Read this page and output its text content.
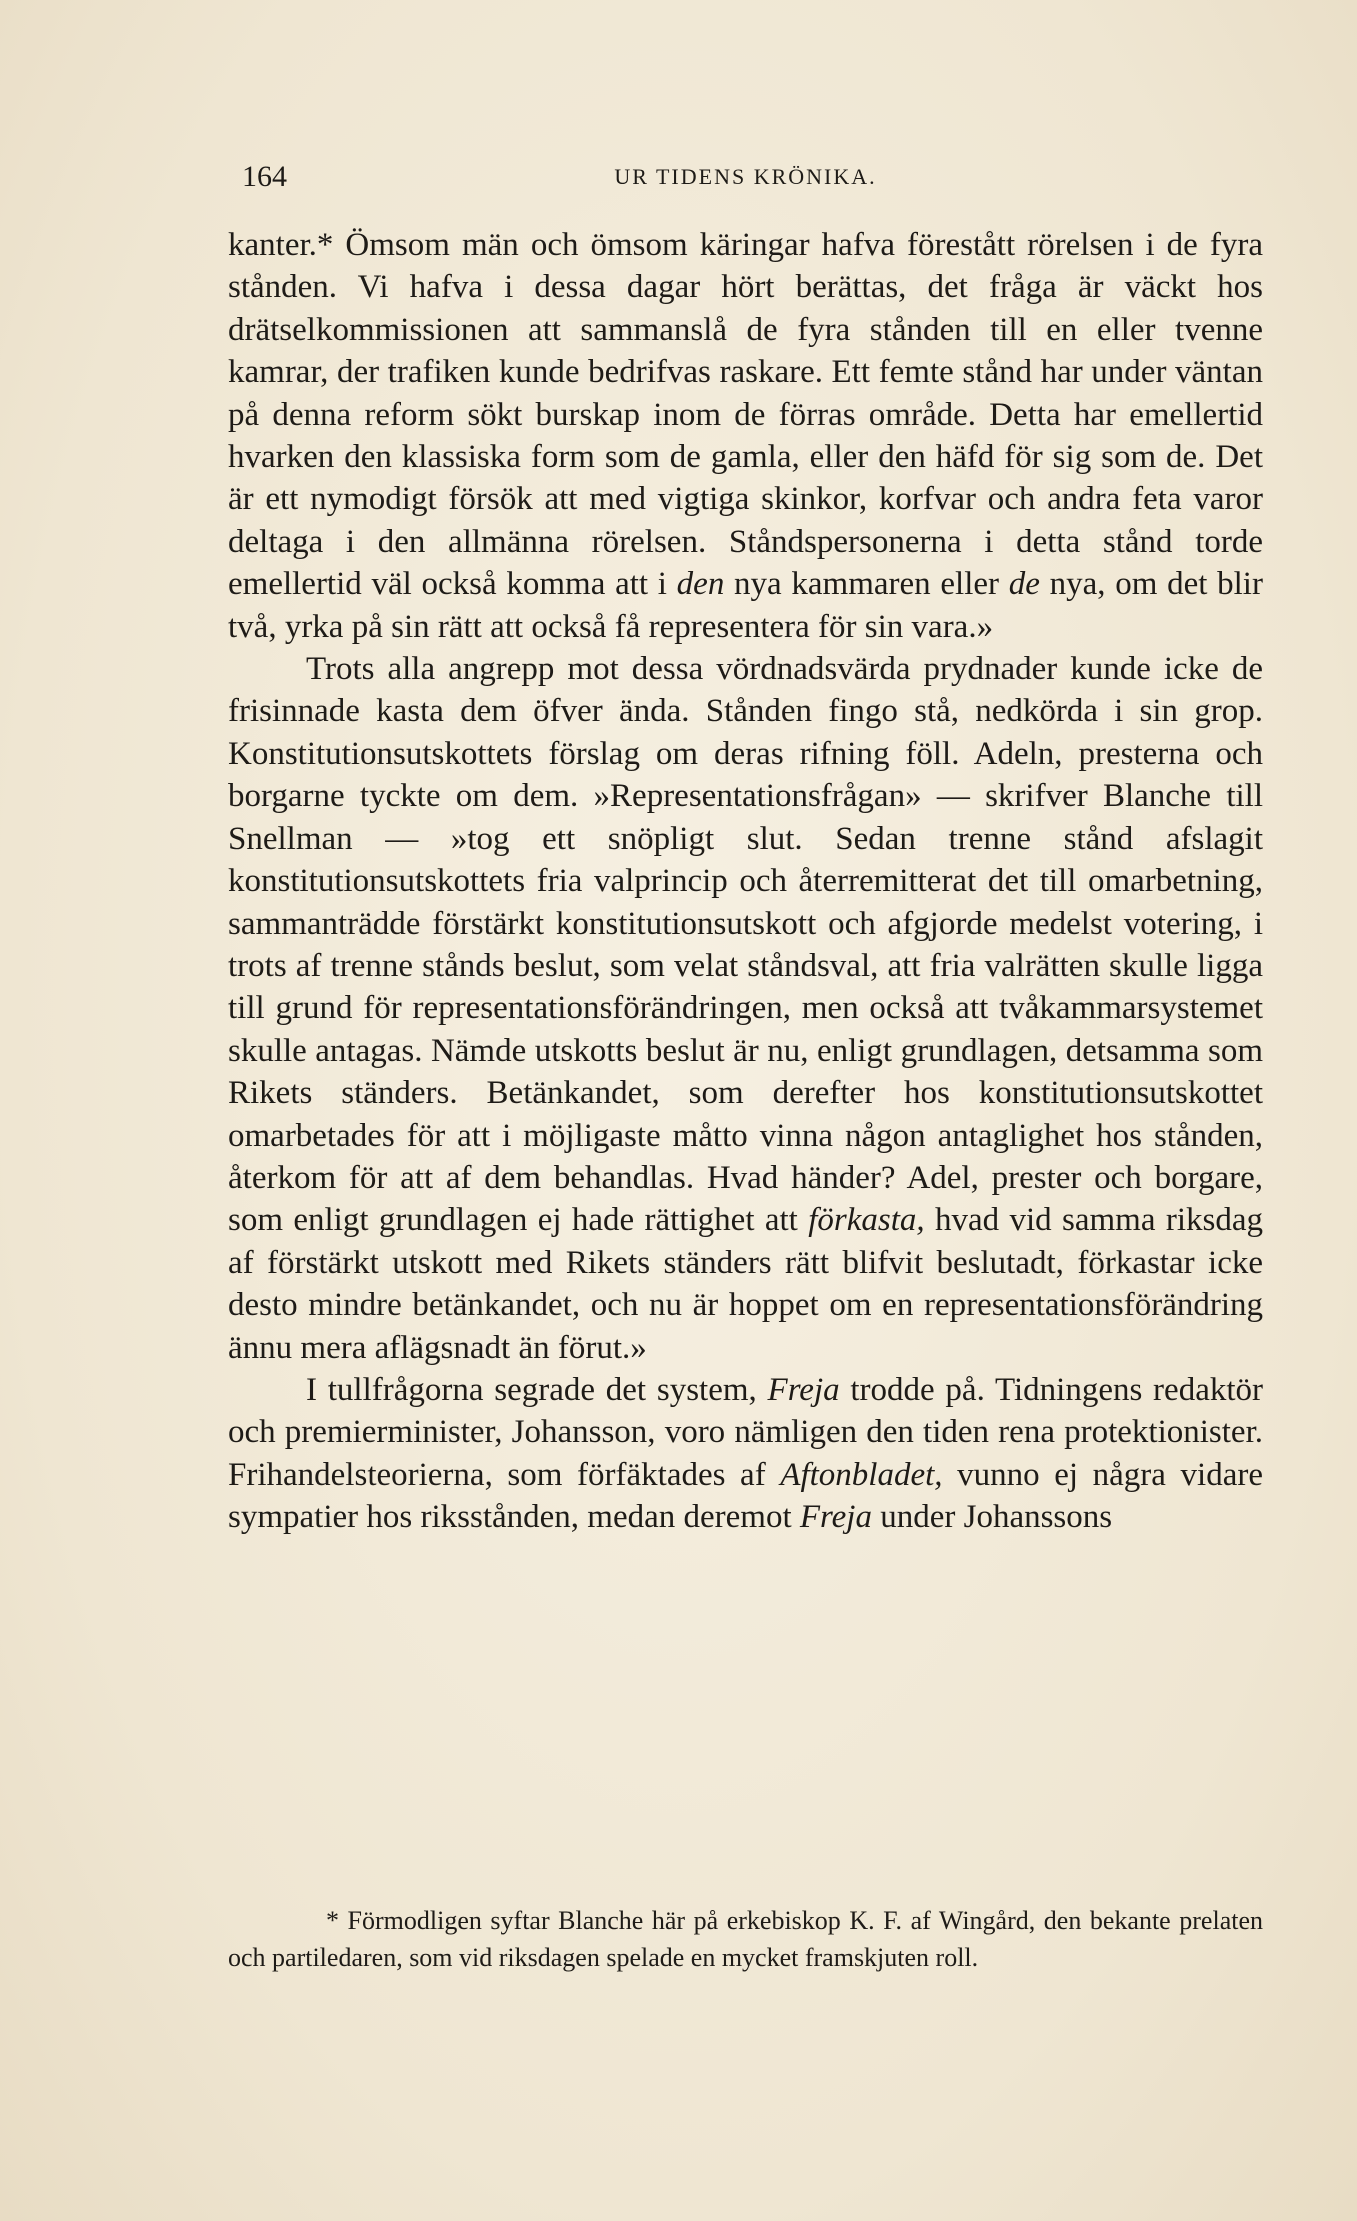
164	UR TIDENS KRÖNIKA.

kanter.* Ömsom män och ömsom käringar hafva förestått rörelsen i de fyra stånden. Vi hafva i dessa dagar hört berättas, det fråga är väckt hos drätselkommissionen att sammanslå de fyra stånden till en eller tvenne kamrar, der trafiken kunde bedrifvas raskare. Ett femte stånd har under väntan på denna reform sökt burskap inom de förras område. Detta har emellertid hvarken den klassiska form som de gamla, eller den häfd för sig som de. Det är ett nymodigt försök att med vigtiga skinkor, korfvar och andra feta varor deltaga i den allmänna rörelsen. Ståndspersonerna i detta stånd torde emellertid väl också komma att i den nya kammaren eller de nya, om det blir två, yrka på sin rätt att också få representera för sin vara.»

Trots alla angrepp mot dessa vördnadsvärda prydnader kunde icke de frisinnade kasta dem öfver ända. Stånden fingo stå, nedkörda i sin grop. Konstitutionsutskottets förslag om deras rifning föll. Adeln, presterna och borgarne tyckte om dem. »Representationsfrågan» — skrifver Blanche till Snellman — »tog ett snöpligt slut. Sedan trenne stånd afslagit konstitutionsutskottets fria valprincip och återremitterat det till omarbetning, sammanträdde förstärkt konstitutionsutskott och afgjorde medelst votering, i trots af trenne stånds beslut, som velat ståndsval, att fria valrätten skulle ligga till grund för representationsförändringen, men också att tvåkammarsystemet skulle antagas. Nämde utskotts beslut är nu, enligt grundlagen, detsamma som Rikets ständers. Betänkandet, som derefter hos konstitutionsutskottet omarbetades för att i möjligaste måtto vinna någon antaglighet hos stånden, återkom för att af dem behandlas. Hvad händer? Adel, prester och borgare, som enligt grundlagen ej hade rättighet att förkasta, hvad vid samma riksdag af förstärkt utskott med Rikets ständers rätt blifvit beslutadt, förkastar icke desto mindre betänkandet, och nu är hoppet om en representationsförändring ännu mera aflägsnadt än förut.»

I tullfrågorna segrade det system, Freja trodde på. Tidningens redaktör och premierminister, Johansson, voro nämligen den tiden rena protektionister. Frihandelsteorierna, som förfäktades af Aftonbladet, vunno ej några vidare sympatier hos riksstånden, medan deremot Freja under Johanssons

* Förmodligen syftar Blanche här på erkebiskop K. F. af Wingård, den bekante prelaten och partiledaren, som vid riksdagen spelade en mycket framskjuten roll.
